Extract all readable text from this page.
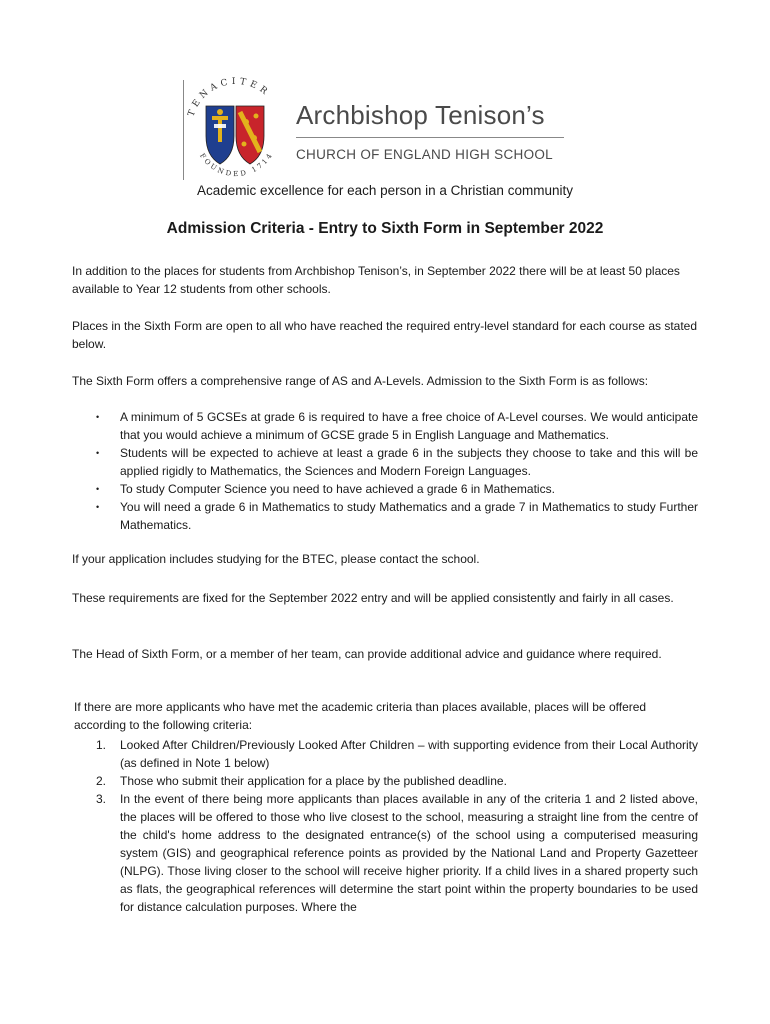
TENACITER
FOUNDED 1714
Archbishop Tenison’s
CHURCH OF ENGLAND HIGH SCHOOL
Academic excellence for each person in a Christian community
Admission Criteria - Entry to Sixth Form in September 2022
In addition to the places for students from Archbishop Tenison’s, in September 2022 there will be at least 50 places available to Year 12 students from other schools.
Places in the Sixth Form are open to all who have reached the required entry-level standard for each course as stated below.
The Sixth Form offers a comprehensive range of AS and A-Levels. Admission to the Sixth Form is as follows:
• A minimum of 5 GCSEs at grade 6 is required to have a free choice of A-Level courses. We would anticipate that you would achieve a minimum of GCSE grade 5 in English Language and Mathematics.
• Students will be expected to achieve at least a grade 6 in the subjects they choose to take and this will be applied rigidly to Mathematics, the Sciences and Modern Foreign Languages.
• To study Computer Science you need to have achieved a grade 6 in Mathematics.
• You will need a grade 6 in Mathematics to study Mathematics and a grade 7 in Mathematics to study Further Mathematics.
If your application includes studying for the BTEC, please contact the school.
These requirements are fixed for the September 2022 entry and will be applied consistently and fairly in all cases.
The Head of Sixth Form, or a member of her team, can provide additional advice and guidance where required.
If there are more applicants who have met the academic criteria than places available, places will be offered according to the following criteria:
1. Looked After Children/Previously Looked After Children – with supporting evidence from their Local Authority (as defined in Note 1 below)
2. Those who submit their application for a place by the published deadline.
3. In the event of there being more applicants than places available in any of the criteria 1 and 2 listed above, the places will be offered to those who live closest to the school, measuring a straight line from the centre of the child's home address to the designated entrance(s) of the school using a computerised measuring system (GIS) and geographical reference points as provided by the National Land and Property Gazetteer (NLPG). Those living closer to the school will receive higher priority. If a child lives in a shared property such as flats, the geographical references will determine the start point within the property boundaries to be used for distance calculation purposes. Where the
